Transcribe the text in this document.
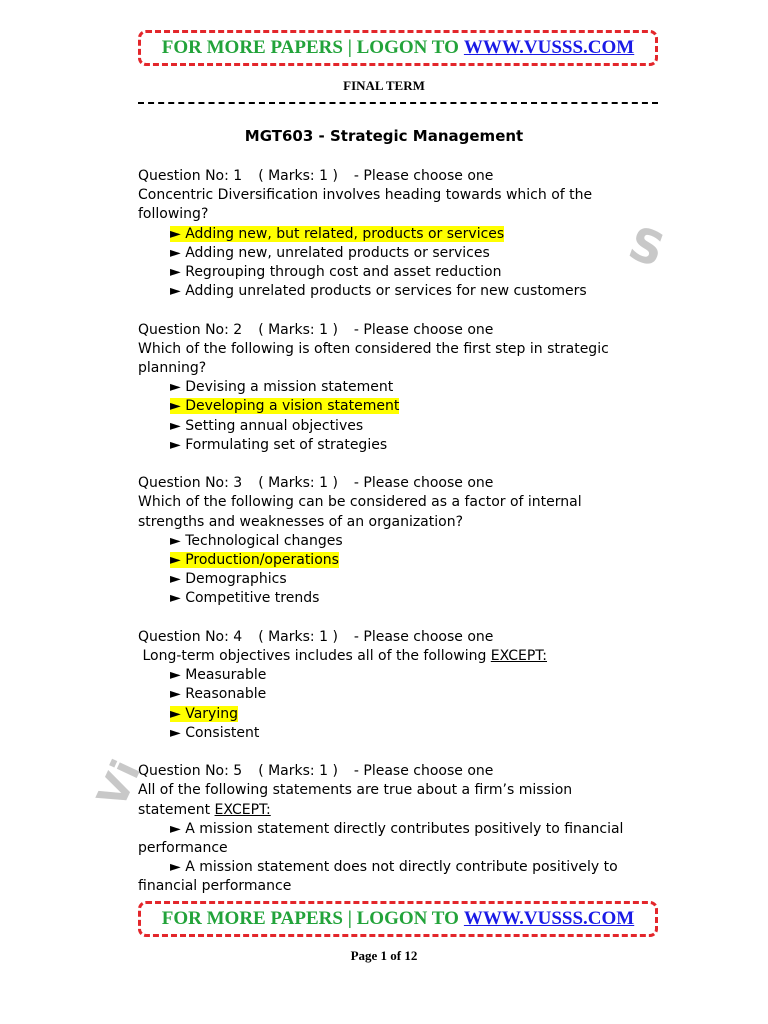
FOR MORE PAPERS | LOGON TO WWW.VUSSS.COM
FINAL TERM
MGT603 - Strategic Management
Question No: 1 ( Marks: 1 ) - Please choose one
Concentric Diversification involves heading towards which of the following?
► Adding new, but related, products or services
► Adding new, unrelated products or services
► Regrouping through cost and asset reduction
► Adding unrelated products or services for new customers
Question No: 2 ( Marks: 1 ) - Please choose one
Which of the following is often considered the first step in strategic planning?
► Devising a mission statement
► Developing a vision statement
► Setting annual objectives
► Formulating set of strategies
Question No: 3 ( Marks: 1 ) - Please choose one
Which of the following can be considered as a factor of internal strengths and weaknesses of an organization?
► Technological changes
► Production/operations
► Demographics
► Competitive trends
Question No: 4 ( Marks: 1 ) - Please choose one
Long-term objectives includes all of the following EXCEPT:
► Measurable
► Reasonable
► Varying
► Consistent
Question No: 5 ( Marks: 1 ) - Please choose one
All of the following statements are true about a firm’s mission statement EXCEPT:
► A mission statement directly contributes positively to financial performance
► A mission statement does not directly contribute positively to financial performance
S
Vi
FOR MORE PAPERS | LOGON TO WWW.VUSSS.COM
Page 1 of 12
